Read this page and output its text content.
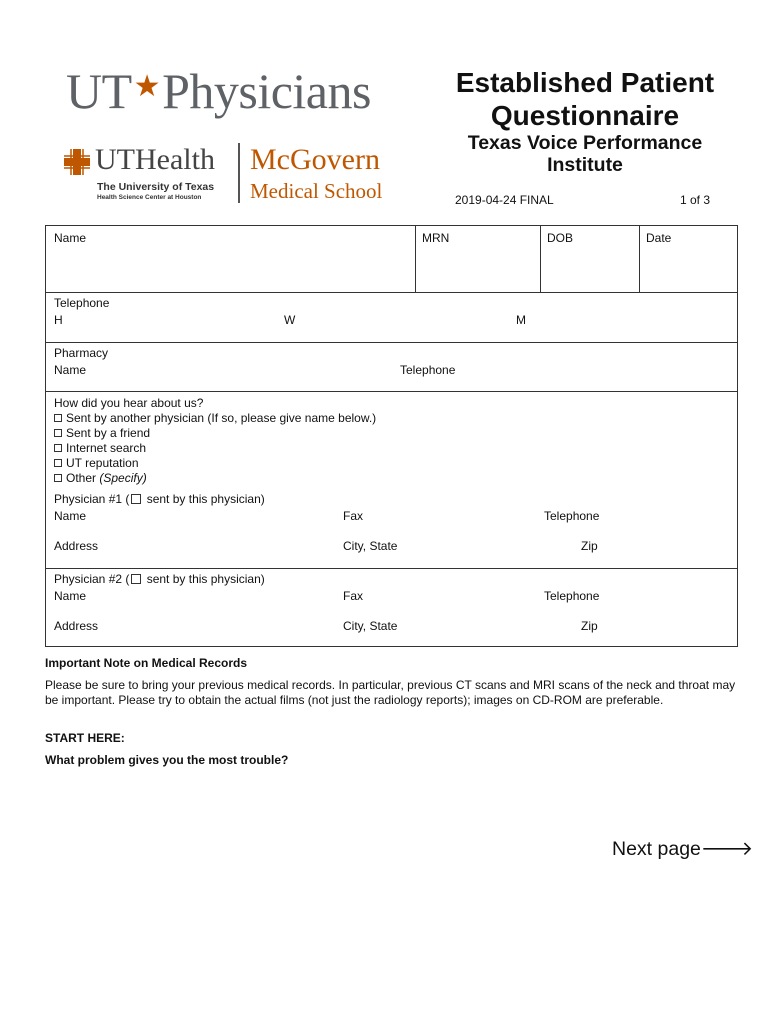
UT★Physicians
UTHealth
The University of Texas
Health Science Center at Houston
McGovern
Medical School
Established Patient Questionnaire
Texas Voice Performance Institute
2019-04-24 FINAL	1 of 3
Name	MRN	DOB	Date
Telephone
H	W	M
Pharmacy
Name	Telephone
How did you hear about us?
Sent by another physician (If so, please give name below.)
Sent by a friend
Internet search
UT reputation
Other (Specify)
Physician #1 ( sent by this physician)
Name	Fax	Telephone
Address	City, State	Zip
Physician #2 ( sent by this physician)
Name	Fax	Telephone
Address	City, State	Zip
Important Note on Medical Records
Please be sure to bring your previous medical records. In particular, previous CT scans and MRI scans of the neck and throat may be important. Please try to obtain the actual films (not just the radiology reports); images on CD-ROM are preferable.
START HERE:
What problem gives you the most trouble?
Next page🡒
